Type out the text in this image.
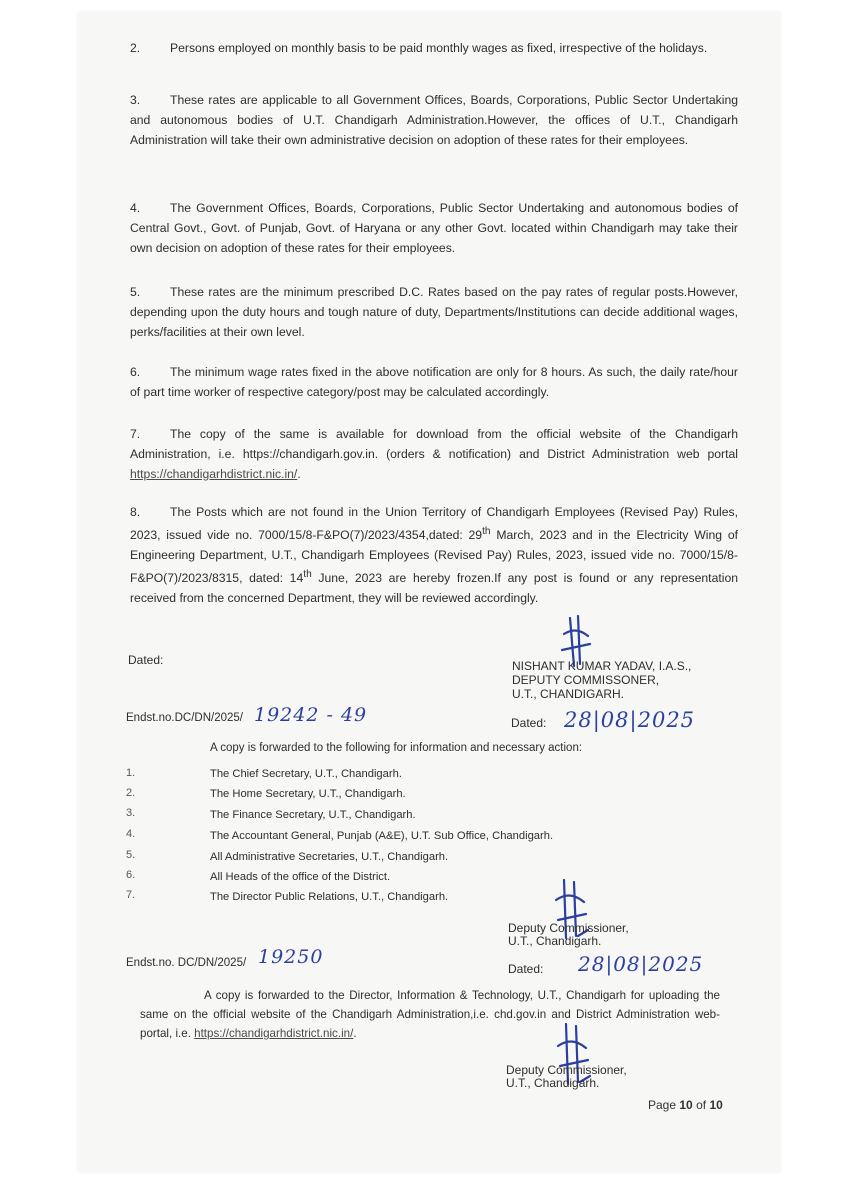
2. Persons employed on monthly basis to be paid monthly wages as fixed, irrespective of the holidays.
3. These rates are applicable to all Government Offices, Boards, Corporations, Public Sector Undertaking and autonomous bodies of U.T. Chandigarh Administration.However, the offices of U.T., Chandigarh Administration will take their own administrative decision on adoption of these rates for their employees.
4. The Government Offices, Boards, Corporations, Public Sector Undertaking and autonomous bodies of Central Govt., Govt. of Punjab, Govt. of Haryana or any other Govt. located within Chandigarh may take their own decision on adoption of these rates for their employees.
5. These rates are the minimum prescribed D.C. Rates based on the pay rates of regular posts.However, depending upon the duty hours and tough nature of duty, Departments/Institutions can decide additional wages, perks/facilities at their own level.
6. The minimum wage rates fixed in the above notification are only for 8 hours. As such, the daily rate/hour of part time worker of respective category/post may be calculated accordingly.
7. The copy of the same is available for download from the official website of the Chandigarh Administration, i.e. https://chandigarh.gov.in. (orders & notification) and District Administration web portal https://chandigarhdistrict.nic.in/.
8. The Posts which are not found in the Union Territory of Chandigarh Employees (Revised Pay) Rules, 2023, issued vide no. 7000/15/8-F&PO(7)/2023/4354,dated: 29th March, 2023 and in the Electricity Wing of Engineering Department, U.T., Chandigarh Employees (Revised Pay) Rules, 2023, issued vide no. 7000/15/8-F&PO(7)/2023/8315, dated: 14th June, 2023 are hereby frozen.If any post is found or any representation received from the concerned Department, they will be reviewed accordingly.
Dated:	NISHANT KUMAR YADAV, I.A.S.,
DEPUTY COMMISSONER,
U.T., CHANDIGARH.
Endst.no.DC/DN/2025/ 19242 - 49	Dated: 28|08|2025
A copy is forwarded to the following for information and necessary action:
1.	The Chief Secretary, U.T., Chandigarh.
2.	The Home Secretary, U.T., Chandigarh.
3.	The Finance Secretary, U.T., Chandigarh.
4.	The Accountant General, Punjab (A&E), U.T. Sub Office, Chandigarh.
5.	All Administrative Secretaries, U.T., Chandigarh.
6.	All Heads of the office of the District.
7.	The Director Public Relations, U.T., Chandigarh.
Deputy Commissioner,
U.T., Chandigarh.
Endst.no. DC/DN/2025/ 19250
Dated: 28|08|2025
A copy is forwarded to the Director, Information & Technology, U.T., Chandigarh for uploading the same on the official website of the Chandigarh Administration,i.e. chd.gov.in and District Administration web-portal, i.e. https://chandigarhdistrict.nic.in/.
Deputy Commissioner,
U.T., Chandigarh.
Page 10 of 10
